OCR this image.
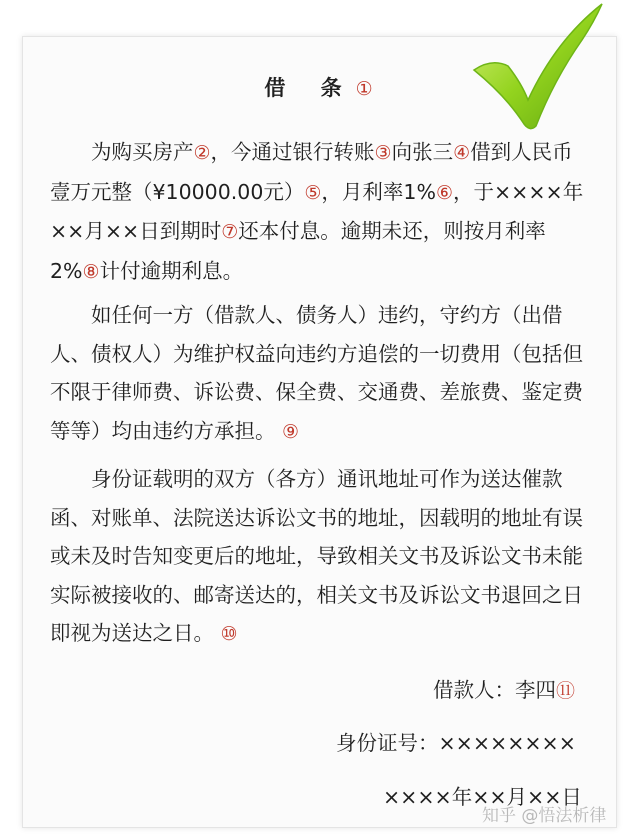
借 条①
为购买房产②，今通过银行转账③向张三④借到人民币壹万元整（¥10000.00元）⑤，月利率1%⑥，于××××年××月××日到期时⑦还本付息。逾期未还，则按月利率2%⑧计付逾期利息。
如任何一方（借款人、债务人）违约，守约方（出借人、债权人）为维护权益向违约方追偿的一切费用（包括但不限于律师费、诉讼费、保全费、交通费、差旅费、鉴定费等等）均由违约方承担。 ⑨
身份证载明的双方（各方）通讯地址可作为送达催款函、对账单、法院送达诉讼文书的地址，因载明的地址有误或未及时告知变更后的地址，导致相关文书及诉讼文书未能实际被接收的、邮寄送达的，相关文书及诉讼文书退回之日即视为送达之日。 ⑩
借款人：李四⑪
身份证号：××××××××
××××年××月××日
知乎 @悟法析律
